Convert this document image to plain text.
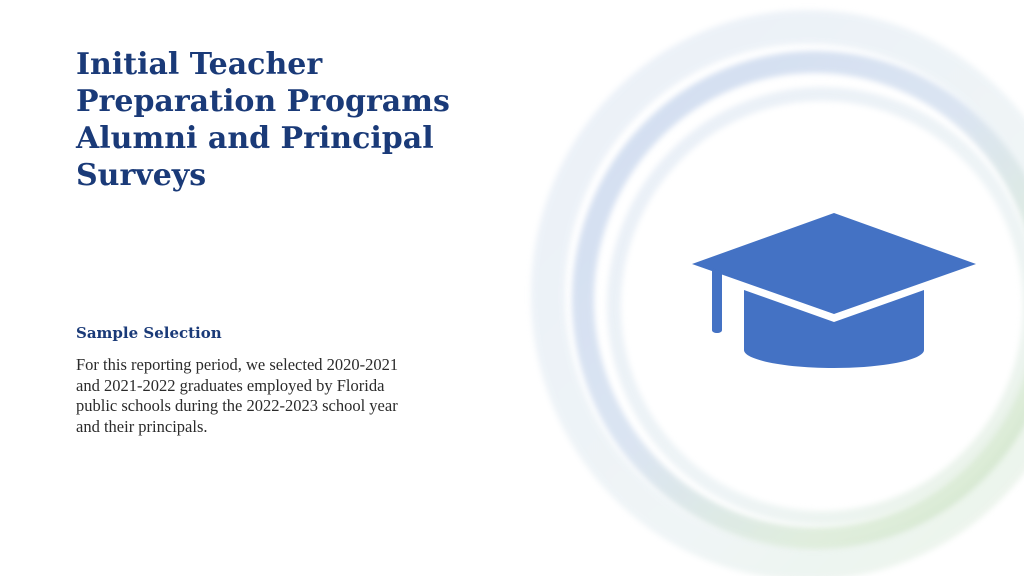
Initial Teacher
Preparation Programs
Alumni and Principal
Surveys
Sample Selection

For this reporting period, we selected 2020-2021
and 2021-2022 graduates employed by Florida
public schools during the 2022-2023 school year
and their principals.
